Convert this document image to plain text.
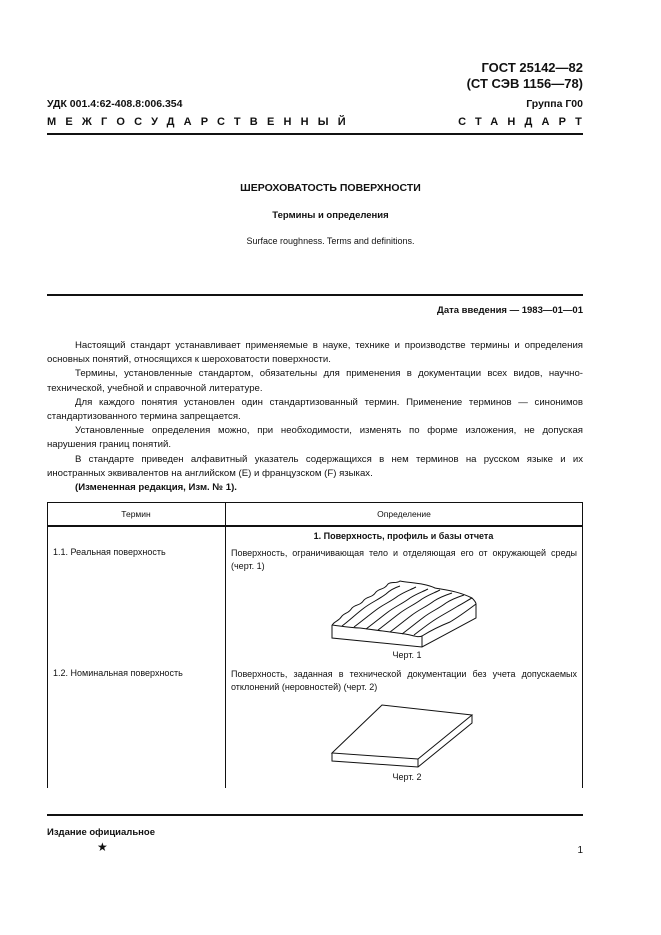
ГОСТ 25142—82
(СТ СЭВ 1156—78)
УДК 001.4:62-408.8:006.354	Группа Г00
МЕЖГОСУДАРСТВЕННЫЙ	СТАНДАРТ
ШЕРОХОВАТОСТЬ ПОВЕРХНОСТИ
Термины и определения
Surface roughness. Terms and definitions.
Дата введения — 1983—01—01

Настоящий стандарт устанавливает применяемые в науке, технике и производстве термины и определения основных понятий, относящихся к шероховатости поверхности.

Термины, установленные стандартом, обязательны для применения в документации всех видов, научно-технической, учебной и справочной литературе.

Для каждого понятия установлен один стандартизованный термин. Применение терминов — синонимов стандартизованного термина запрещается.

Установленные определения можно, при необходимости, изменять по форме изложения, не допуская нарушения границ понятий.

В стандарте приведен алфавитный указатель содержащихся в нем терминов на русском языке и их иностранных эквивалентов на английском (E) и французском (F) языках.

(Измененная редакция, Изм. № 1).

Термин	Определение
1. Поверхность, профиль и базы отчета
1.1. Реальная поверхность	Поверхность, ограничивающая тело и отделяющая его от окружающей среды (черт. 1)
Черт. 1
1.2. Номинальная поверхность	Поверхность, заданная в технической документации без учета допускаемых отклонений (неровностей) (черт. 2)
Черт. 2
Издание официальное
★	1
